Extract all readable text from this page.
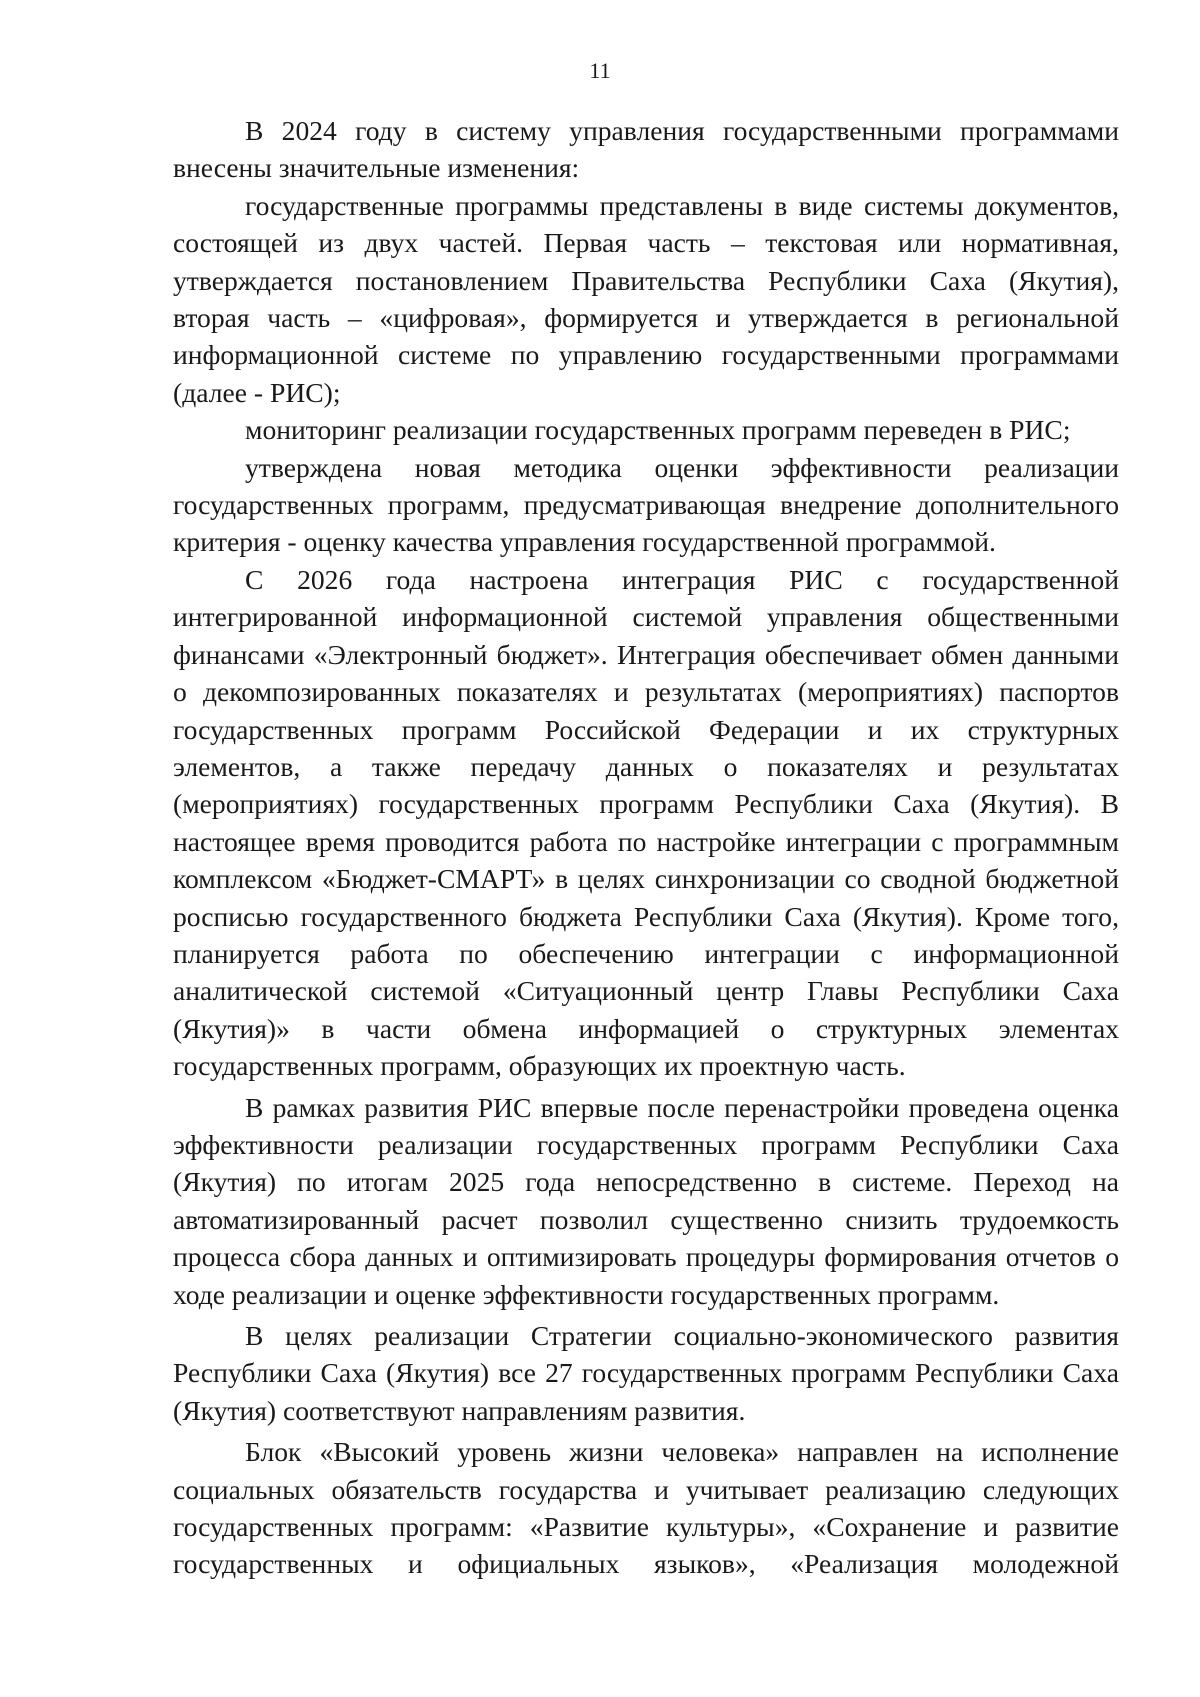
11

В 2024 году в систему управления государственными программами внесены значительные изменения:

государственные программы представлены в виде системы документов, состоящей из двух частей. Первая часть – текстовая или нормативная, утверждается постановлением Правительства Республики Саха (Якутия), вторая часть – «цифровая», формируется и утверждается в региональной информационной системе по управлению государственными программами (далее - РИС);

мониторинг реализации государственных программ переведен в РИС;

утверждена новая методика оценки эффективности реализации государственных программ, предусматривающая внедрение дополнительного критерия - оценку качества управления государственной программой.

С 2026 года настроена интеграция РИС с государственной интегрированной информационной системой управления общественными финансами «Электронный бюджет». Интеграция обеспечивает обмен данными о декомпозированных показателях и результатах (мероприятиях) паспортов государственных программ Российской Федерации и их структурных элементов, а также передачу данных о показателях и результатах (мероприятиях) государственных программ Республики Саха (Якутия). В настоящее время проводится работа по настройке интеграции с программным комплексом «Бюджет-СМАРТ» в целях синхронизации со сводной бюджетной росписью государственного бюджета Республики Саха (Якутия). Кроме того, планируется работа по обеспечению интеграции с информационной аналитической системой «Ситуационный центр Главы Республики Саха (Якутия)» в части обмена информацией о структурных элементах государственных программ, образующих их проектную часть.

В рамках развития РИС впервые после перенастройки проведена оценка эффективности реализации государственных программ Республики Саха (Якутия) по итогам 2025 года непосредственно в системе. Переход на автоматизированный расчет позволил существенно снизить трудоемкость процесса сбора данных и оптимизировать процедуры формирования отчетов о ходе реализации и оценке эффективности государственных программ.

В целях реализации Стратегии социально-экономического развития Республики Саха (Якутия) все 27 государственных программ Республики Саха (Якутия) соответствуют направлениям развития.

Блок «Высокий уровень жизни человека» направлен на исполнение социальных обязательств государства и учитывает реализацию следующих государственных программ: «Развитие культуры», «Сохранение и развитие государственных и официальных языков», «Реализация молодежной
